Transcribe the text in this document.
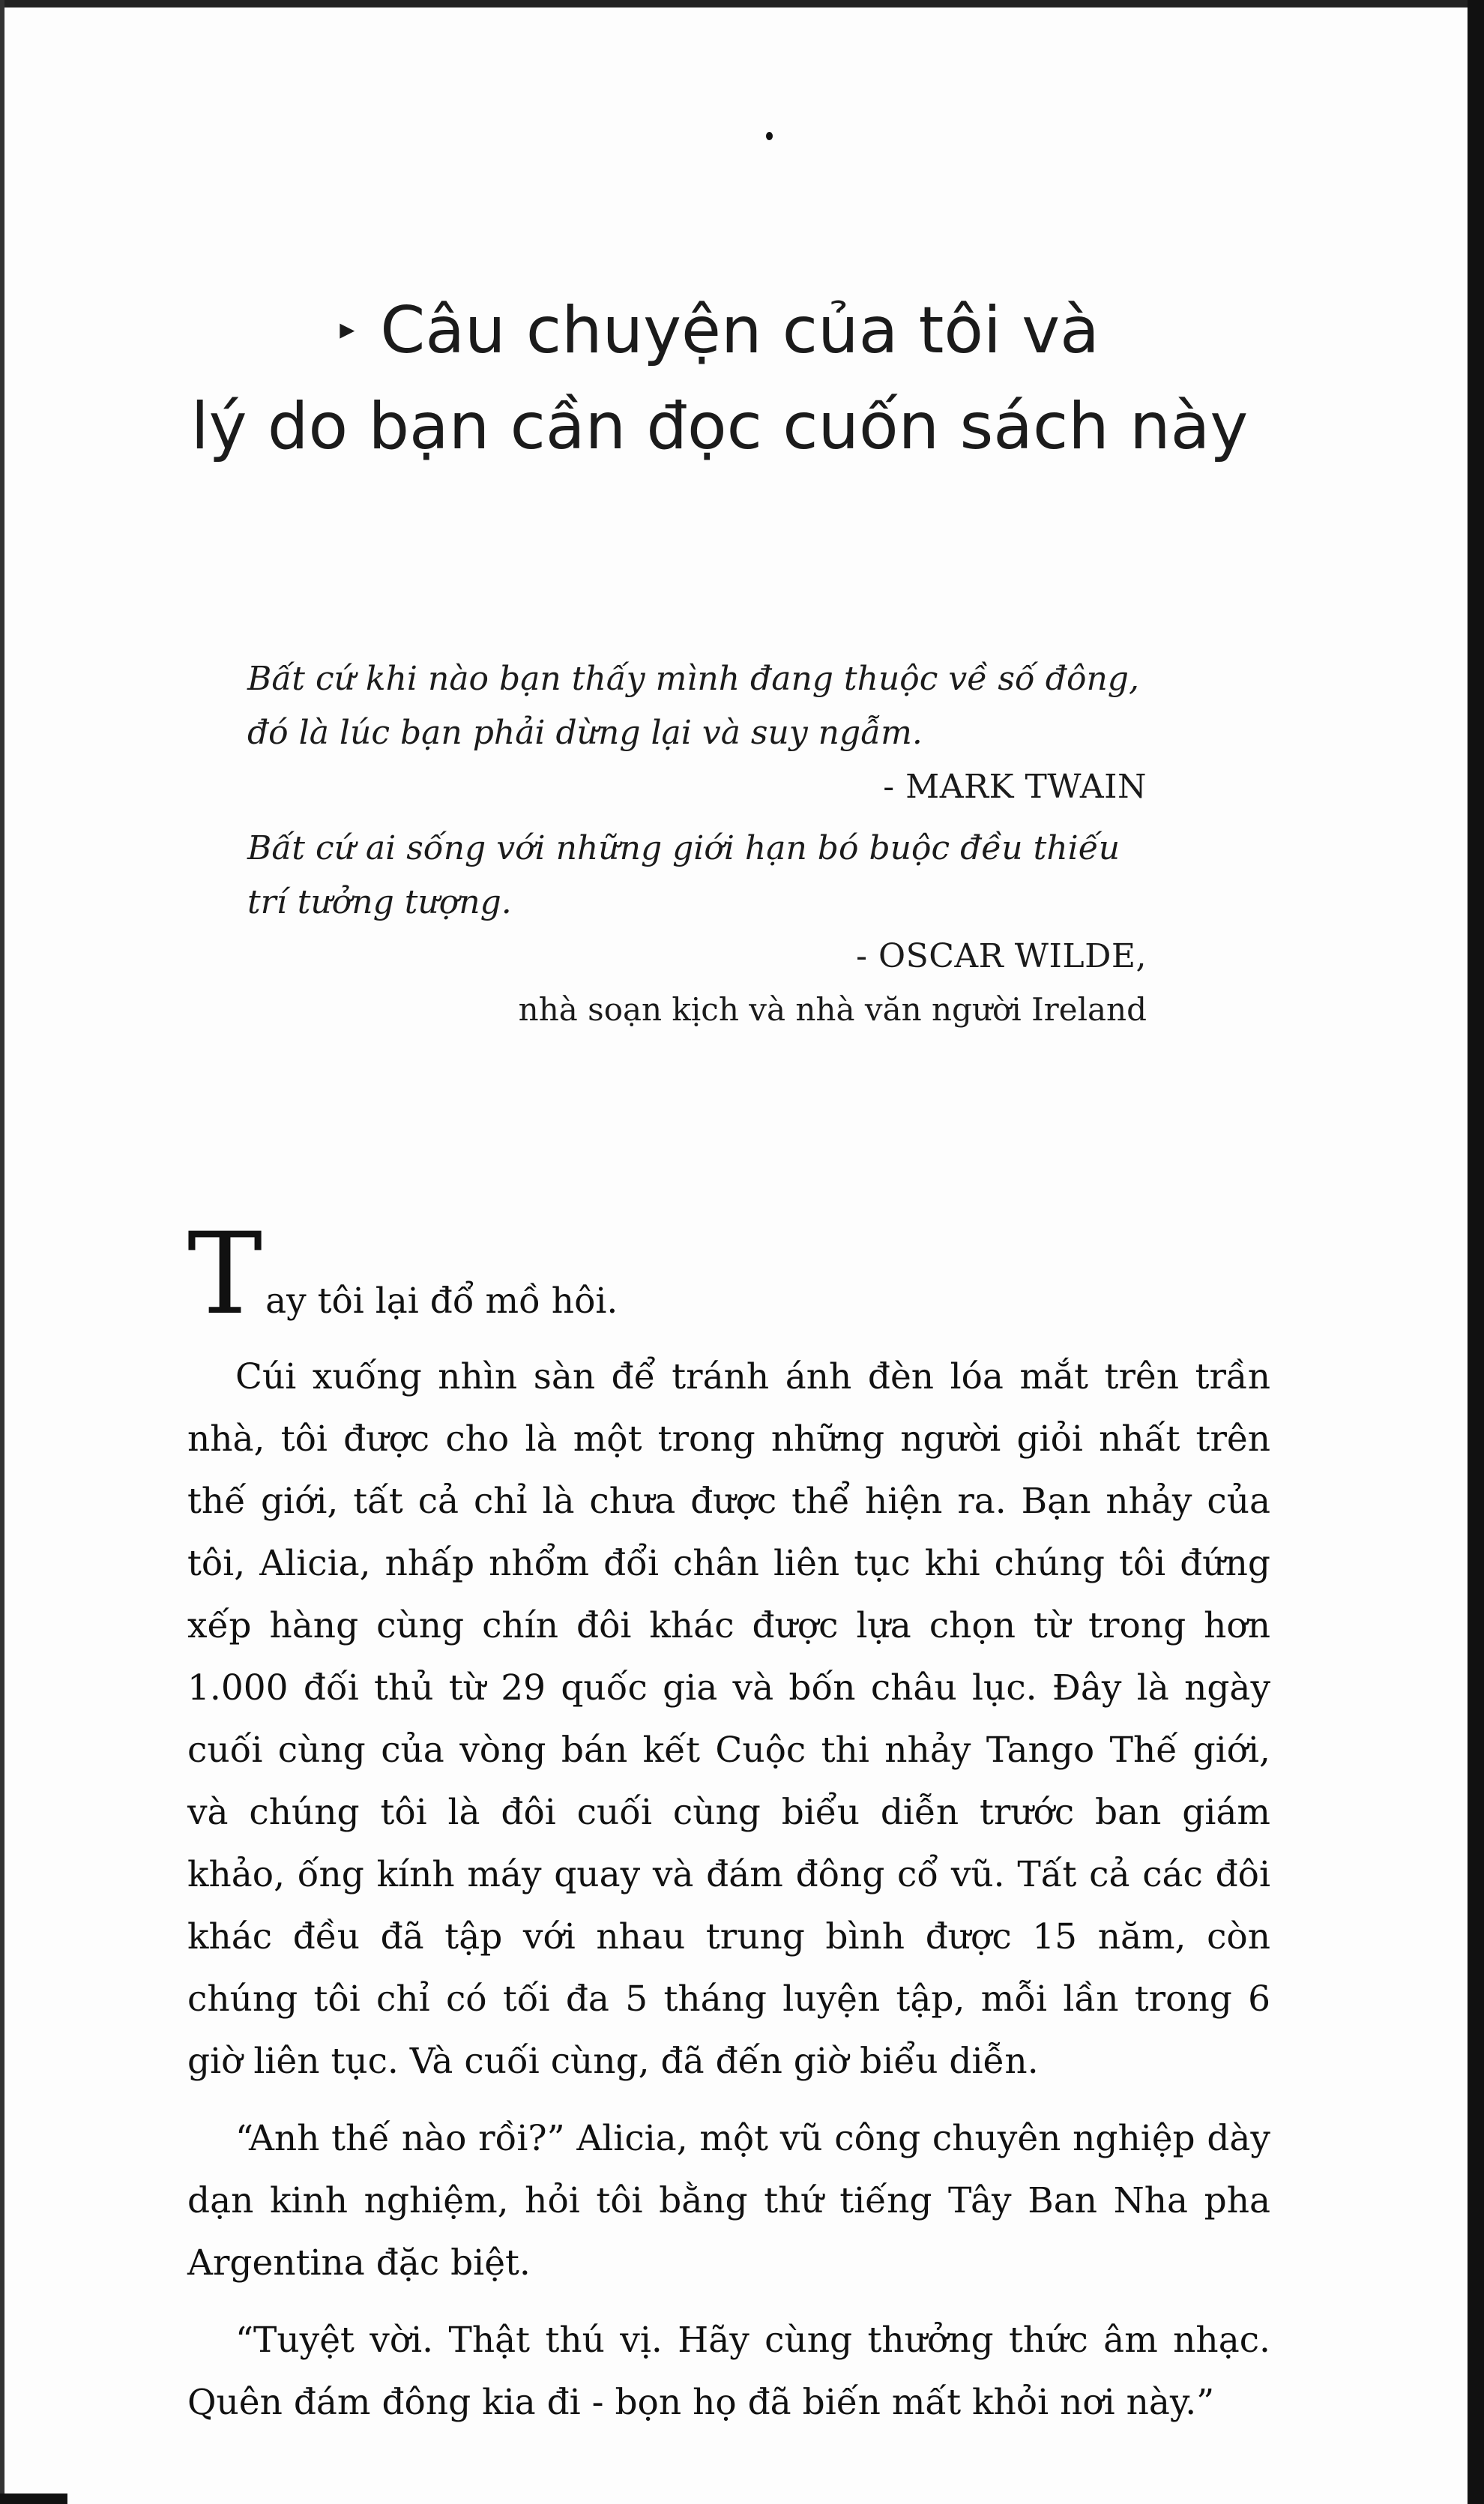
▸ Câu chuyện của tôi và
lý do bạn cần đọc cuốn sách này

Bất cứ khi nào bạn thấy mình đang thuộc về số đông, đó là lúc bạn phải dừng lại và suy ngẫm.

- MARK TWAIN

Bất cứ ai sống với những giới hạn bó buộc đều thiếu trí tưởng tượng.

- OSCAR WILDE,

nhà soạn kịch và nhà văn người Ireland

Tay tôi lại đổ mồ hôi.

Cúi xuống nhìn sàn để tránh ánh đèn lóa mắt trên trần nhà, tôi được cho là một trong những người giỏi nhất trên thế giới, tất cả chỉ là chưa được thể hiện ra. Bạn nhảy của tôi, Alicia, nhấp nhổm đổi chân liên tục khi chúng tôi đứng xếp hàng cùng chín đôi khác được lựa chọn từ trong hơn 1.000 đối thủ từ 29 quốc gia và bốn châu lục. Đây là ngày cuối cùng của vòng bán kết Cuộc thi nhảy Tango Thế giới, và chúng tôi là đôi cuối cùng biểu diễn trước ban giám khảo, ống kính máy quay và đám đông cổ vũ. Tất cả các đôi khác đều đã tập với nhau trung bình được 15 năm, còn chúng tôi chỉ có tối đa 5 tháng luyện tập, mỗi lần trong 6 giờ liên tục. Và cuối cùng, đã đến giờ biểu diễn.

“Anh thế nào rồi?” Alicia, một vũ công chuyên nghiệp dày dạn kinh nghiệm, hỏi tôi bằng thứ tiếng Tây Ban Nha pha Argentina đặc biệt.

“Tuyệt vời. Thật thú vị. Hãy cùng thưởng thức âm nhạc. Quên đám đông kia đi - bọn họ đã biến mất khỏi nơi này.”
